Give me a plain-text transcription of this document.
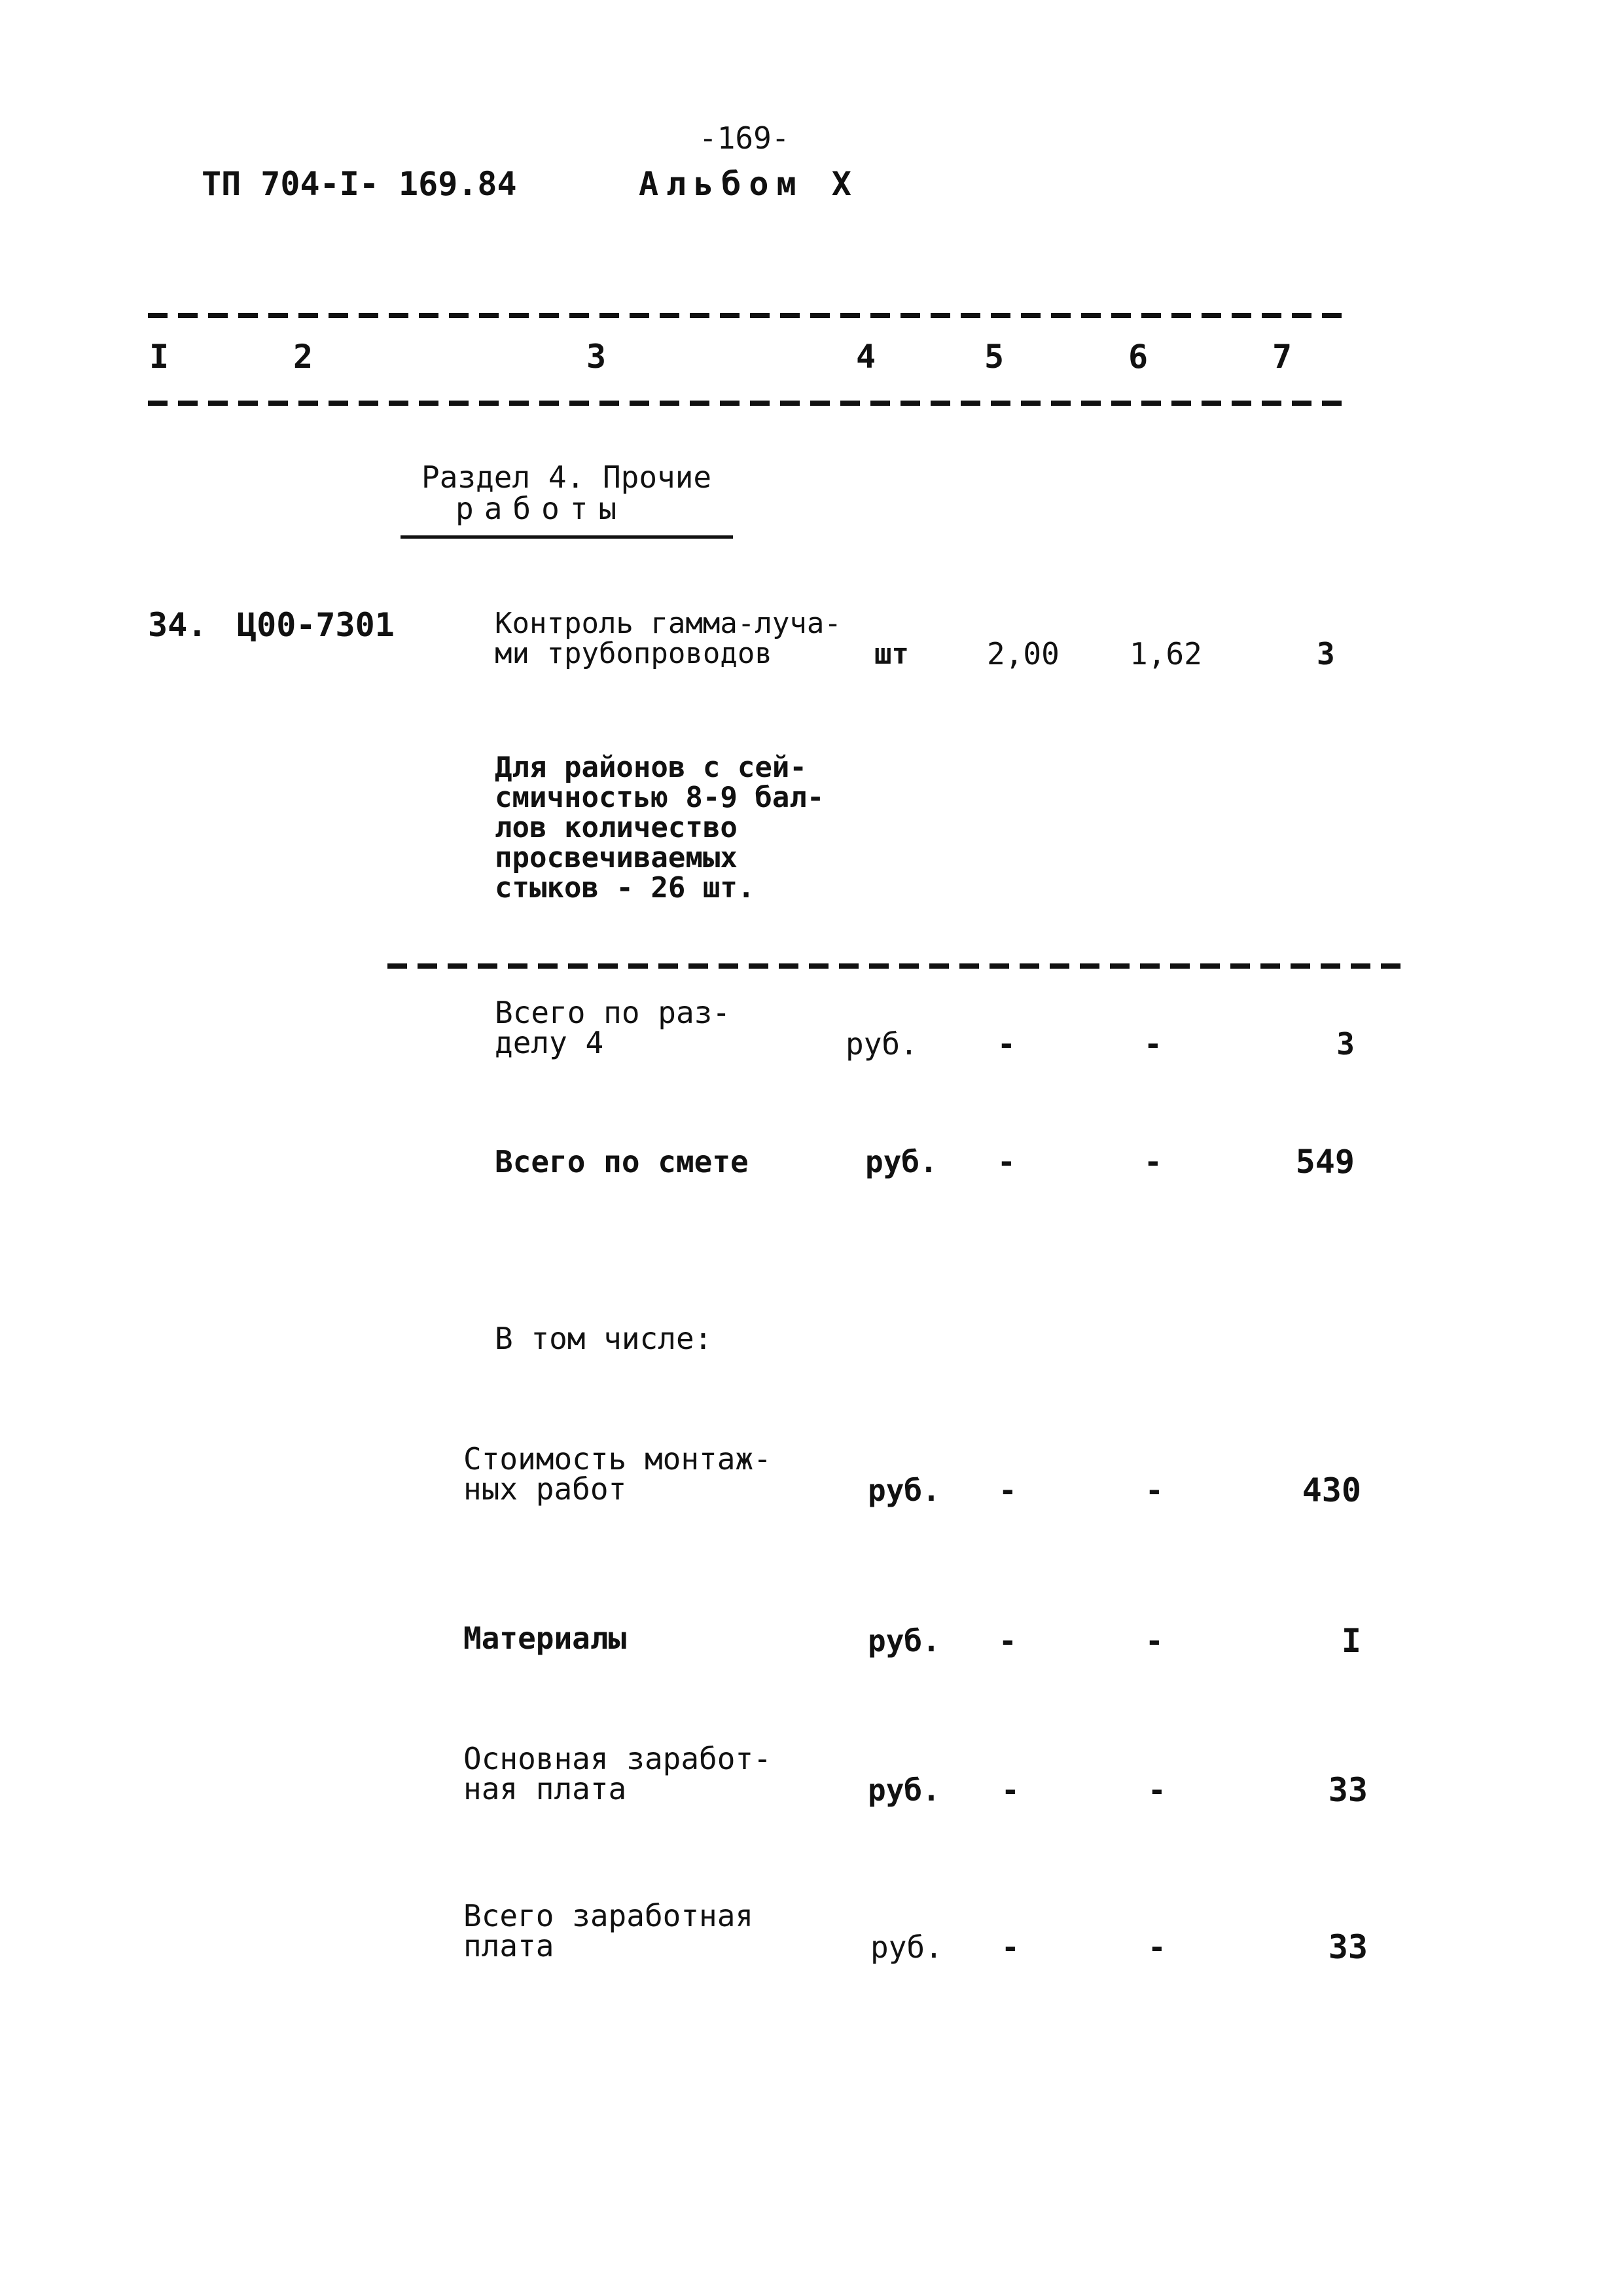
-169-
ТП 704-I- 169.84	Альбом X
I	2	3	4	5	6	7
Раздел 4. Прочие
работы
34. Ц00-7301	Контроль гамма-луча-
ми трубопроводов	шт	2,00 1,62	3
Для районов с сей-
смичностью 8-9 бал-
лов количество
просвечиваемых
стыков - 26 шт.
Всего по раз-
делу 4	руб.	-	-	3
Всего по смете	руб. -	-	549
В том числе:
Стоимость монтаж-
ных работ	руб. -	-	430
Материалы	руб. -	-	I
Основная заработ-
ная плата	руб. -	-	33
Всего заработная
плата	руб. -	-	33
